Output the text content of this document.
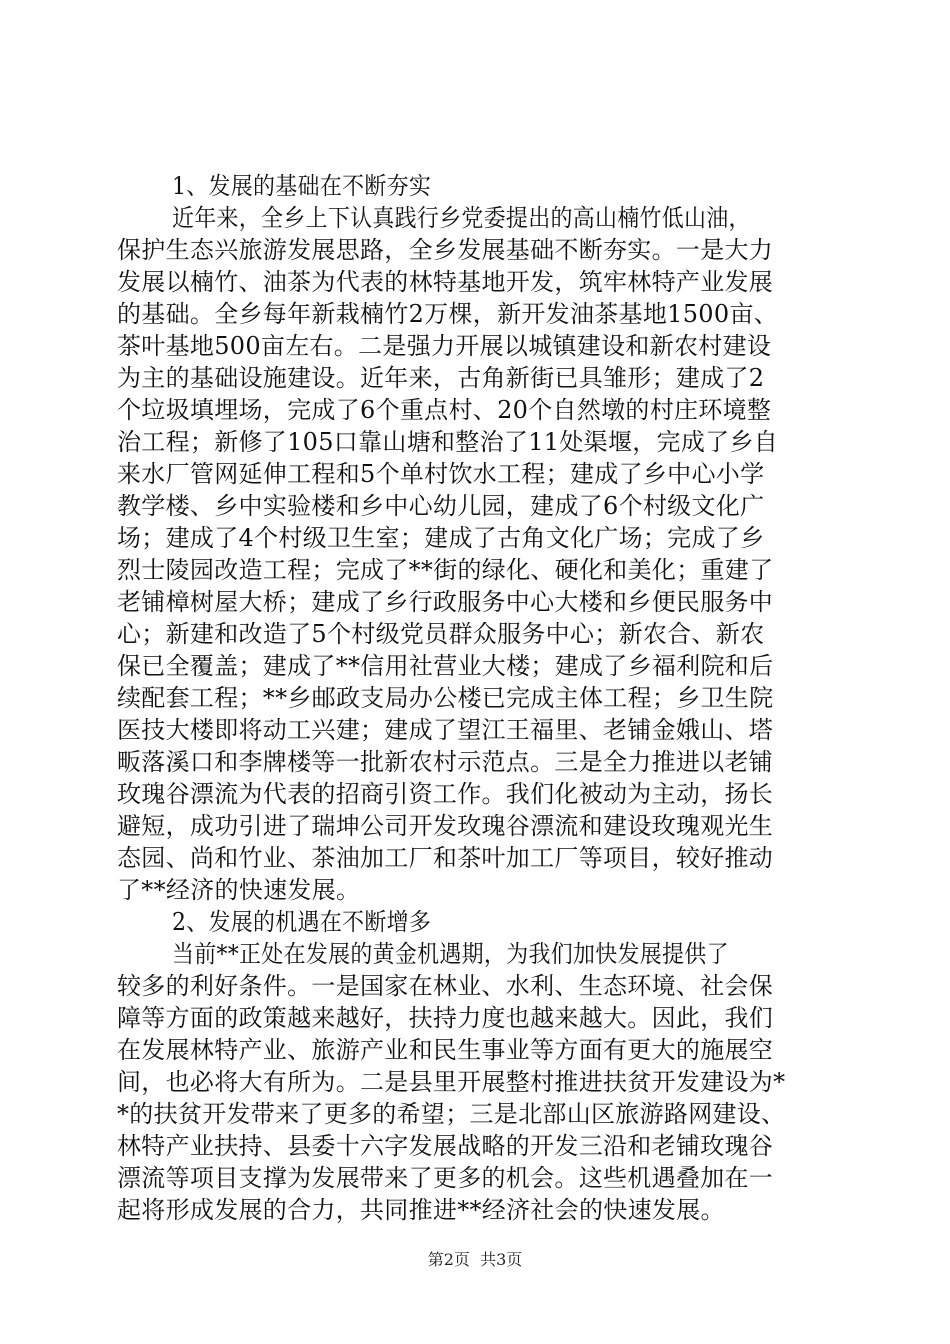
1、发展的基础在不断夯实
近年来，全乡上下认真践行乡党委提出的高山楠竹低山油，
保护生态兴旅游发展思路，全乡发展基础不断夯实。一是大力
发展以楠竹、油茶为代表的林特基地开发，筑牢林特产业发展
的基础。全乡每年新栽楠竹2万棵，新开发油茶基地1500亩、
茶叶基地500亩左右。二是强力开展以城镇建设和新农村建设
为主的基础设施建设。近年来，古角新街已具雏形；建成了2
个垃圾填埋场，完成了6个重点村、20个自然墩的村庄环境整
治工程；新修了105口靠山塘和整治了11处渠堰，完成了乡自
来水厂管网延伸工程和5个单村饮水工程；建成了乡中心小学
教学楼、乡中实验楼和乡中心幼儿园，建成了6个村级文化广
场；建成了4个村级卫生室；建成了古角文化广场；完成了乡
烈士陵园改造工程；完成了**街的绿化、硬化和美化；重建了
老铺樟树屋大桥；建成了乡行政服务中心大楼和乡便民服务中
心；新建和改造了5个村级党员群众服务中心；新农合、新农
保已全覆盖；建成了**信用社营业大楼；建成了乡福利院和后
续配套工程；**乡邮政支局办公楼已完成主体工程；乡卫生院
医技大楼即将动工兴建；建成了望江王福里、老铺金娥山、塔
畈落溪口和李牌楼等一批新农村示范点。三是全力推进以老铺
玫瑰谷漂流为代表的招商引资工作。我们化被动为主动，扬长
避短，成功引进了瑞坤公司开发玫瑰谷漂流和建设玫瑰观光生
态园、尚和竹业、茶油加工厂和茶叶加工厂等项目，较好推动
了**经济的快速发展。
2、发展的机遇在不断增多
当前**正处在发展的黄金机遇期，为我们加快发展提供了
较多的利好条件。一是国家在林业、水利、生态环境、社会保
障等方面的政策越来越好，扶持力度也越来越大。因此，我们
在发展林特产业、旅游产业和民生事业等方面有更大的施展空
间，也必将大有所为。二是县里开展整村推进扶贫开发建设为*
*的扶贫开发带来了更多的希望；三是北部山区旅游路网建设、
林特产业扶持、县委十六字发展战略的开发三沿和老铺玫瑰谷
漂流等项目支撑为发展带来了更多的机会。这些机遇叠加在一
起将形成发展的合力，共同推进**经济社会的快速发展。
第2页  共3页
